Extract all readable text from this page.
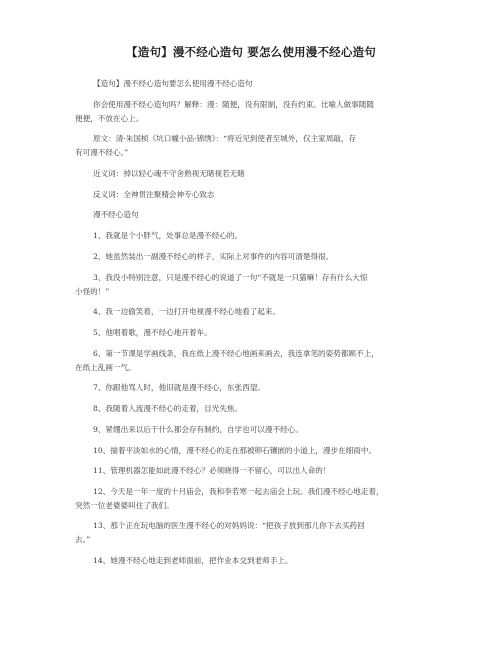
【造句】漫不经心造句 要怎么使用漫不经心造句
【造句】漫不经心造句要怎么使用漫不经心造句
你会使用漫不经心造句吗？解释：漫：随便，没有限制，没有约束。比喻人做事随随
便便，不放在心上。
原文：清·朱国桢《坑口幢小品·锦绣》：“将近见到使者至城外，仅主家周敲，存
有可漫不经心。”
近义词：掉以轻心魂不守舍熟视无睹视若无睹
反义词：全神贯注聚精会神专心致志
漫不经心造句
1、我就是个小胖气，处事总是漫不经心的。
2、她虽然装出一副漫不经心的样子，实际上对事件的内容可清楚得很。
3、我没小特别注意，只是漫不经心的说道了一句“不就是一只猫嘛！存有什么大惊
小怪的！”
4、我一边偷笑着，一边打开电视漫不经心地看了起来。
5、他唱着歌，漫不经心地开着车。
6、第一节课是学画线条，我在纸上漫不经心地画来画去，我连拿笔的姿势都顾不上，
在纸上乱画一气。
7、你跟他骂人时，他旧就是漫不经心，东张西望。
8、我随着人流漫不经心的走着，目光失焦。
9、紧绷出来以后干什么都会存有制约，自学也可以漫不经心。
10、揣着平淡如水的心情，漫不经心的走在那被卵石镶嵌的小道上，漫步在细雨中。
11、管理机器怎能如此漫不经心？必须晓得一不留心，可以出人命的！
12、今天是一年一度的十月庙会，我和李若寒一起去庙会上玩。我们漫不经心地走着，
突然一位老婆婆叫住了我们。
13、那个正在玩电脑的医生漫不经心的对妈妈说：“把孩子放到那儿你下去买药回
去。”
14、她漫不经心地走到老师面前，把作业本交到老师手上。
